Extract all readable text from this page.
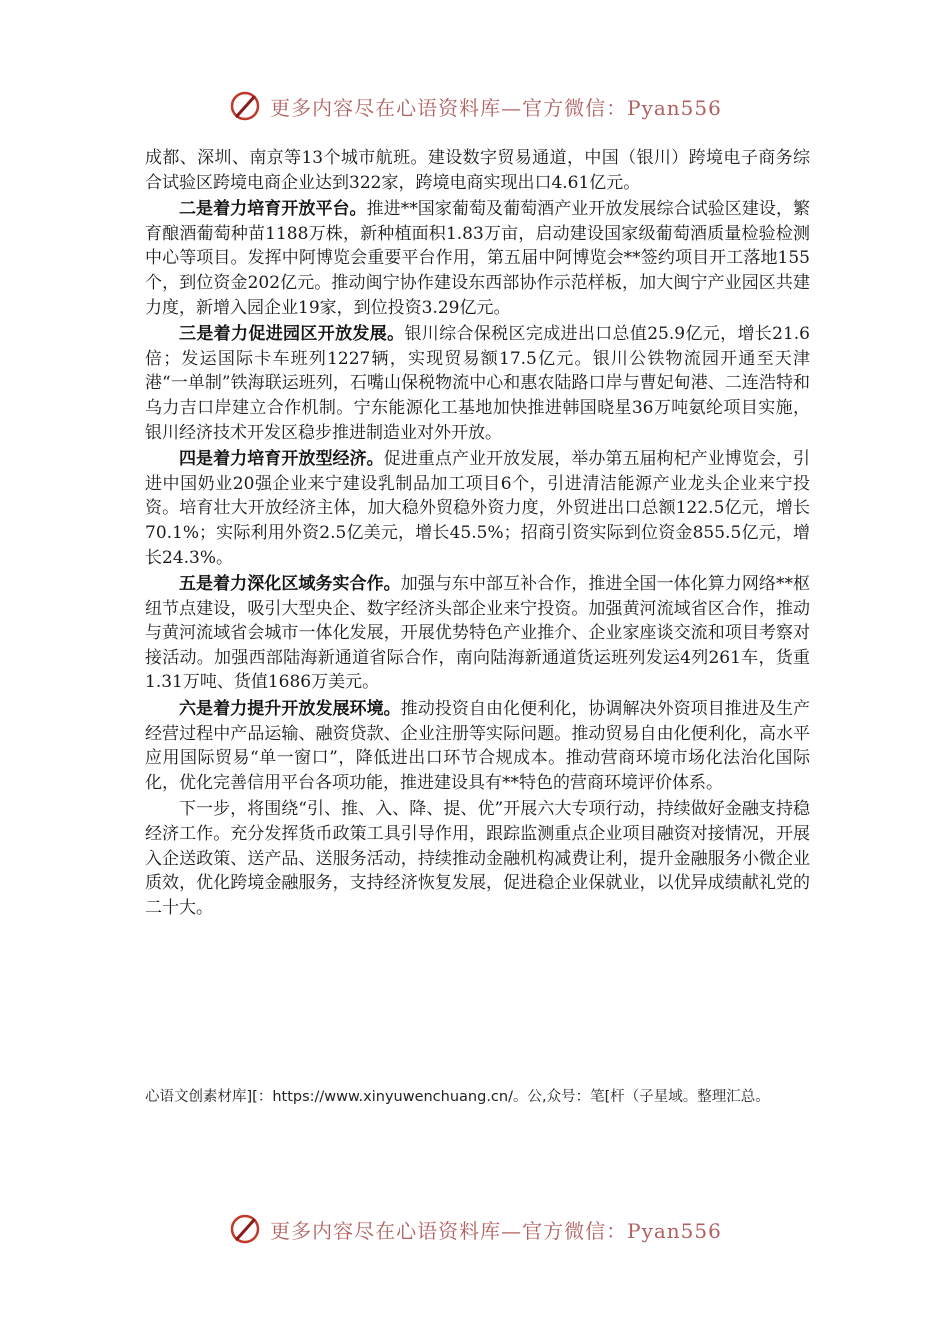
更多内容尽在心语资料库—官方微信：Pyan556

成都、深圳、南京等13个城市航班。建设数字贸易通道，中国（银川）跨境电子商务综合试验区跨境电商企业达到322家，跨境电商实现出口4.61亿元。

二是着力培育开放平台。推进**国家葡萄及葡萄酒产业开放发展综合试验区建设，繁育酿酒葡萄种苗1188万株，新种植面积1.83万亩，启动建设国家级葡萄酒质量检验检测中心等项目。发挥中阿博览会重要平台作用，第五届中阿博览会**签约项目开工落地155个，到位资金202亿元。推动闽宁协作建设东西部协作示范样板，加大闽宁产业园区共建力度，新增入园企业19家，到位投资3.29亿元。

三是着力促进园区开放发展。银川综合保税区完成进出口总值25.9亿元，增长21.6倍；发运国际卡车班列1227辆，实现贸易额17.5亿元。银川公铁物流园开通至天津港“一单制”铁海联运班列，石嘴山保税物流中心和惠农陆路口岸与曹妃甸港、二连浩特和乌力吉口岸建立合作机制。宁东能源化工基地加快推进韩国晓星36万吨氨纶项目实施，银川经济技术开发区稳步推进制造业对外开放。

四是着力培育开放型经济。促进重点产业开放发展，举办第五届枸杞产业博览会，引进中国奶业20强企业来宁建设乳制品加工项目6个，引进清洁能源产业龙头企业来宁投资。培育壮大开放经济主体，加大稳外贸稳外资力度，外贸进出口总额122.5亿元，增长70.1%；实际利用外资2.5亿美元，增长45.5%；招商引资实际到位资金855.5亿元，增长24.3%。

五是着力深化区域务实合作。加强与东中部互补合作，推进全国一体化算力网络**枢纽节点建设，吸引大型央企、数字经济头部企业来宁投资。加强黄河流域省区合作，推动与黄河流域省会城市一体化发展，开展优势特色产业推介、企业家座谈交流和项目考察对接活动。加强西部陆海新通道省际合作，南向陆海新通道货运班列发运4列261车，货重1.31万吨、货值1686万美元。

六是着力提升开放发展环境。推动投资自由化便利化，协调解决外资项目推进及生产经营过程中产品运输、融资贷款、企业注册等实际问题。推动贸易自由化便利化，高水平应用国际贸易“单一窗口”，降低进出口环节合规成本。推动营商环境市场化法治化国际化，优化完善信用平台各项功能，推进建设具有**特色的营商环境评价体系。

下一步，将围绕“引、推、入、降、提、优”开展六大专项行动，持续做好金融支持稳经济工作。充分发挥货币政策工具引导作用，跟踪监测重点企业项目融资对接情况，开展入企送政策、送产品、送服务活动，持续推动金融机构减费让利，提升金融服务小微企业质效，优化跨境金融服务，支持经济恢复发展，促进稳企业保就业，以优异成绩献礼党的二十大。

心语文创素材库][：https://www.xinyuwenchuang.cn/。公,众号：笔[杆（子星域。整理汇总。
更多内容尽在心语资料库—官方微信：Pyan556
